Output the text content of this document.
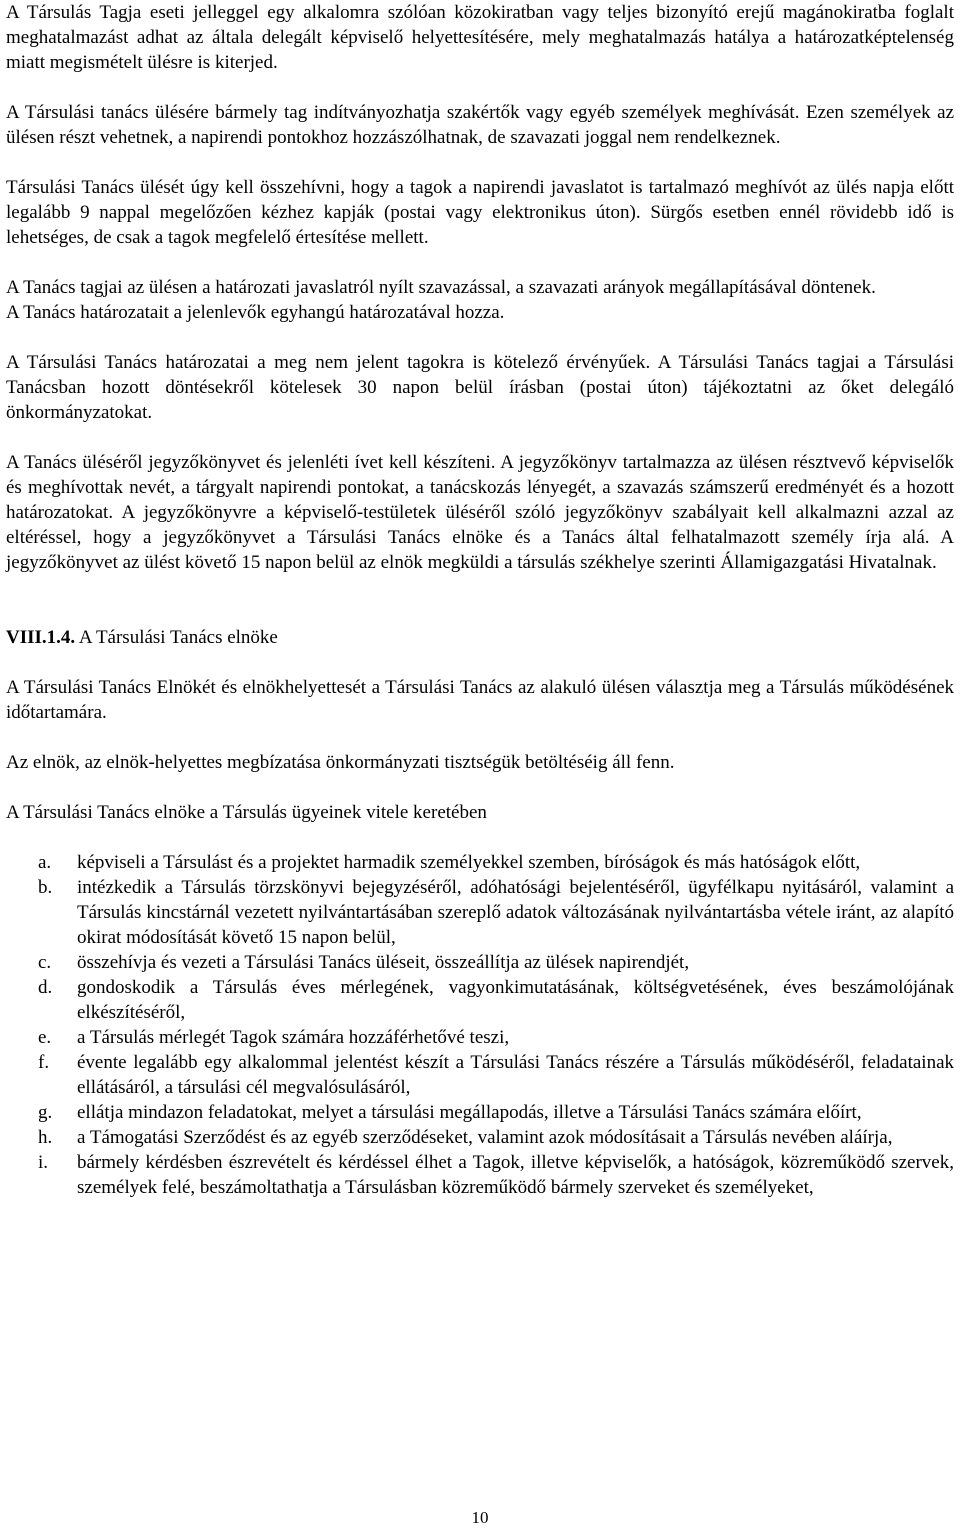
A Társulás Tagja eseti jelleggel egy alkalomra szólóan közokiratban vagy teljes bizonyító erejű magánokiratba foglalt meghatalmazást adhat az általa delegált képviselő helyettesítésére, mely meghatalmazás hatálya a határozatképtelenség miatt megismételt ülésre is kiterjed.

A Társulási tanács ülésére bármely tag indítványozhatja szakértők vagy egyéb személyek meghívását. Ezen személyek az ülésen részt vehetnek, a napirendi pontokhoz hozzászólhatnak, de szavazati joggal nem rendelkeznek.

Társulási Tanács ülését úgy kell összehívni, hogy a tagok a napirendi javaslatot is tartalmazó meghívót az ülés napja előtt legalább 9 nappal megelőzően kézhez kapják (postai vagy elektronikus úton). Sürgős esetben ennél rövidebb idő is lehetséges, de csak a tagok megfelelő értesítése mellett.

A Tanács tagjai az ülésen a határozati javaslatról nyílt szavazással, a szavazati arányok megállapításával döntenek.

A Tanács határozatait a jelenlevők egyhangú határozatával hozza.

A Társulási Tanács határozatai a meg nem jelent tagokra is kötelező érvényűek. A Társulási Tanács tagjai a Társulási Tanácsban hozott döntésekről kötelesek 30 napon belül írásban (postai úton) tájékoztatni az őket delegáló önkormányzatokat.

A Tanács üléséről jegyzőkönyvet és jelenléti ívet kell készíteni. A jegyzőkönyv tartalmazza az ülésen résztvevő képviselők és meghívottak nevét, a tárgyalt napirendi pontokat, a tanácskozás lényegét, a szavazás számszerű eredményét és a hozott határozatokat. A jegyzőkönyvre a képviselő-testületek üléséről szóló jegyzőkönyv szabályait kell alkalmazni azzal az eltéréssel, hogy a jegyzőkönyvet a Társulási Tanács elnöke és a Tanács által felhatalmazott személy írja alá. A jegyzőkönyvet az ülést követő 15 napon belül az elnök megküldi a társulás székhelye szerinti Államigazgatási Hivatalnak.

VIII.1.4. A Társulási Tanács elnöke

A Társulási Tanács Elnökét és elnökhelyettesét a Társulási Tanács az alakuló ülésen választja meg a Társulás működésének időtartamára.

Az elnök, az elnök-helyettes megbízatása önkormányzati tisztségük betöltéséig áll fenn.

A Társulási Tanács elnöke a Társulás ügyeinek vitele keretében

a.	képviseli a Társulást és a projektet harmadik személyekkel szemben, bíróságok és más hatóságok előtt,
b.	intézkedik a Társulás törzskönyvi bejegyzéséről, adóhatósági bejelentéséről, ügyfélkapu nyitásáról, valamint a Társulás kincstárnál vezetett nyilvántartásában szereplő adatok változásának nyilvántartásba vétele iránt, az alapító okirat módosítását követő 15 napon belül,
c.	összehívja és vezeti a Társulási Tanács üléseit, összeállítja az ülések napirendjét,
d.	gondoskodik a Társulás éves mérlegének, vagyonkimutatásának, költségvetésének, éves beszámolójának elkészítéséről,
e.	a Társulás mérlegét Tagok számára hozzáférhetővé teszi,
f.	évente legalább egy alkalommal jelentést készít a Társulási Tanács részére a Társulás működéséről, feladatainak ellátásáról, a társulási cél megvalósulásáról,
g.	ellátja mindazon feladatokat, melyet a társulási megállapodás, illetve a Társulási Tanács számára előírt,
h.	a Támogatási Szerződést és az egyéb szerződéseket, valamint azok módosításait a Társulás nevében aláírja,
i.	bármely kérdésben észrevételt és kérdéssel élhet a Tagok, illetve képviselők, a hatóságok, közreműködő szervek, személyek felé, beszámoltathatja a Társulásban közreműködő bármely szerveket és személyeket,
10
